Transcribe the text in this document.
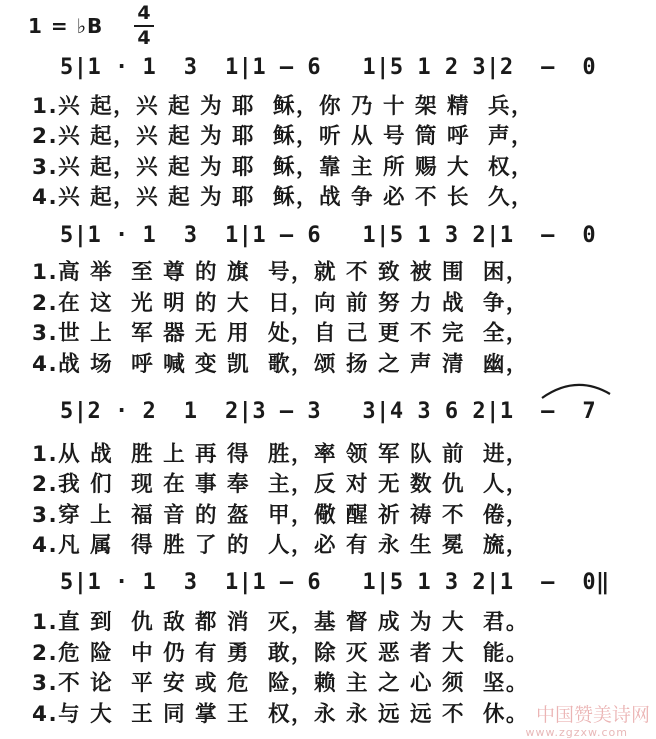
1 = ♭B
4
4
5|1 · 1  3  1|1 — 6   1|5 1 2 3|2  —  0
1.兴 起，兴 起 为 耶  稣，你 乃 十 架 精  兵，
2.兴 起，兴 起 为 耶  稣，听 从 号 筒 呼  声，
3.兴 起，兴 起 为 耶  稣，靠 主 所 赐 大  权，
4.兴 起，兴 起 为 耶  稣，战 争 必 不 长  久，
5|1 · 1  3  1|1 — 6   1|5 1 3 2|1  —  0
1.高 举  至 尊 的 旗  号，就 不 致 被 围  困，
2.在 这  光 明 的 大  日，向 前 努 力 战  争，
3.世 上  军 器 无 用  处，自 己 更 不 完  全，
4.战 场  呼 喊 变 凯  歌，颂 扬 之 声 清  幽，
5|2 · 2  1  2|3 — 3   3|4 3 6 2|1  —  7
1.从 战  胜 上 再 得  胜，率 领 军 队 前  进，
2.我 们  现 在 事 奉  主，反 对 无 数 仇  人，
3.穿 上  福 音 的 盔  甲，儆 醒 祈 祷 不  倦，
4.凡 属  得 胜 了 的  人，必 有 永 生 冕  旒，
5|1 · 1  3  1|1 — 6   1|5 1 3 2|1  —  0‖
1.直 到  仇 敌 都 消  灭，基 督 成 为 大  君。
2.危 险  中 仍 有 勇  敢，除 灭 恶 者 大  能。
3.不 论  平 安 或 危  险，赖 主 之 心 须  坚。
4.与 大  王 同 掌 王  权，永 永 远 远 不  休。 中国赞美诗网
www.zgzxw.com
